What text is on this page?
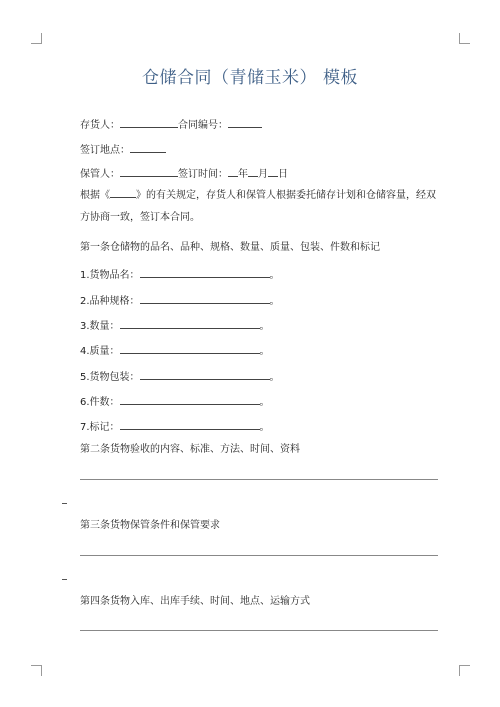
仓储合同（青储玉米） 模板
存货人：	合同编号：
签订地点：
保管人：	签订时间： 年 月 日
根据《	》的有关规定，存货人和保管人根据委托储存计划和仓储容量，经双方协商一致，签订本合同。
第一条仓储物的品名、品种、规格、数量、质量、包装、件数和标记
1.货物品名：	。
2.品种规格：	。
3.数量：	。
4.质量：	。
5.货物包装：	。
6.件数：	。
7.标记：	。
第二条货物验收的内容、标准、方法、时间、资料
第三条货物保管条件和保管要求
第四条货物入库、出库手续、时间、地点、运输方式
